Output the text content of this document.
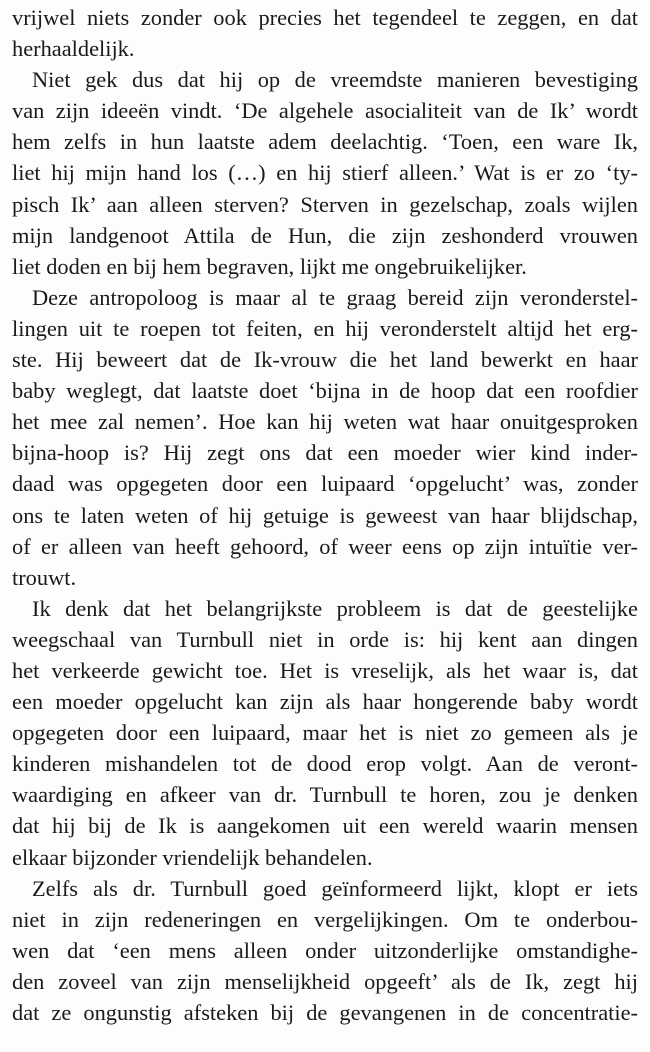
vrijwel niets zonder ook precies het tegendeel te zeggen, en dat
herhaaldelijk.
Niet gek dus dat hij op de vreemdste manieren bevestiging
van zijn ideeën vindt. ‘De algehele asocialiteit van de Ik’ wordt
hem zelfs in hun laatste adem deelachtig. ‘Toen, een ware Ik,
liet hij mijn hand los (…) en hij stierf alleen.’ Wat is er zo ‘ty-
pisch Ik’ aan alleen sterven? Sterven in gezelschap, zoals wijlen
mijn landgenoot Attila de Hun, die zijn zeshonderd vrouwen
liet doden en bij hem begraven, lijkt me ongebruikelijker.
Deze antropoloog is maar al te graag bereid zijn veronderstel-
lingen uit te roepen tot feiten, en hij veronderstelt altijd het erg-
ste. Hij beweert dat de Ik-vrouw die het land bewerkt en haar
baby weglegt, dat laatste doet ‘bijna in de hoop dat een roofdier
het mee zal nemen’. Hoe kan hij weten wat haar onuitgesproken
bijna-hoop is? Hij zegt ons dat een moeder wier kind inder-
daad was opgegeten door een luipaard ‘opgelucht’ was, zonder
ons te laten weten of hij getuige is geweest van haar blijdschap,
of er alleen van heeft gehoord, of weer eens op zijn intuïtie ver-
trouwt.
Ik denk dat het belangrijkste probleem is dat de geestelijke
weegschaal van Turnbull niet in orde is: hij kent aan dingen
het verkeerde gewicht toe. Het is vreselijk, als het waar is, dat
een moeder opgelucht kan zijn als haar hongerende baby wordt
opgegeten door een luipaard, maar het is niet zo gemeen als je
kinderen mishandelen tot de dood erop volgt. Aan de veront-
waardiging en afkeer van dr. Turnbull te horen, zou je denken
dat hij bij de Ik is aangekomen uit een wereld waarin mensen
elkaar bijzonder vriendelijk behandelen.
Zelfs als dr. Turnbull goed geïnformeerd lijkt, klopt er iets
niet in zijn redeneringen en vergelijkingen. Om te onderbou-
wen dat ‘een mens alleen onder uitzonderlijke omstandighe-
den zoveel van zijn menselijkheid opgeeft’ als de Ik, zegt hij
dat ze ongunstig afsteken bij de gevangenen in de concentratie-
